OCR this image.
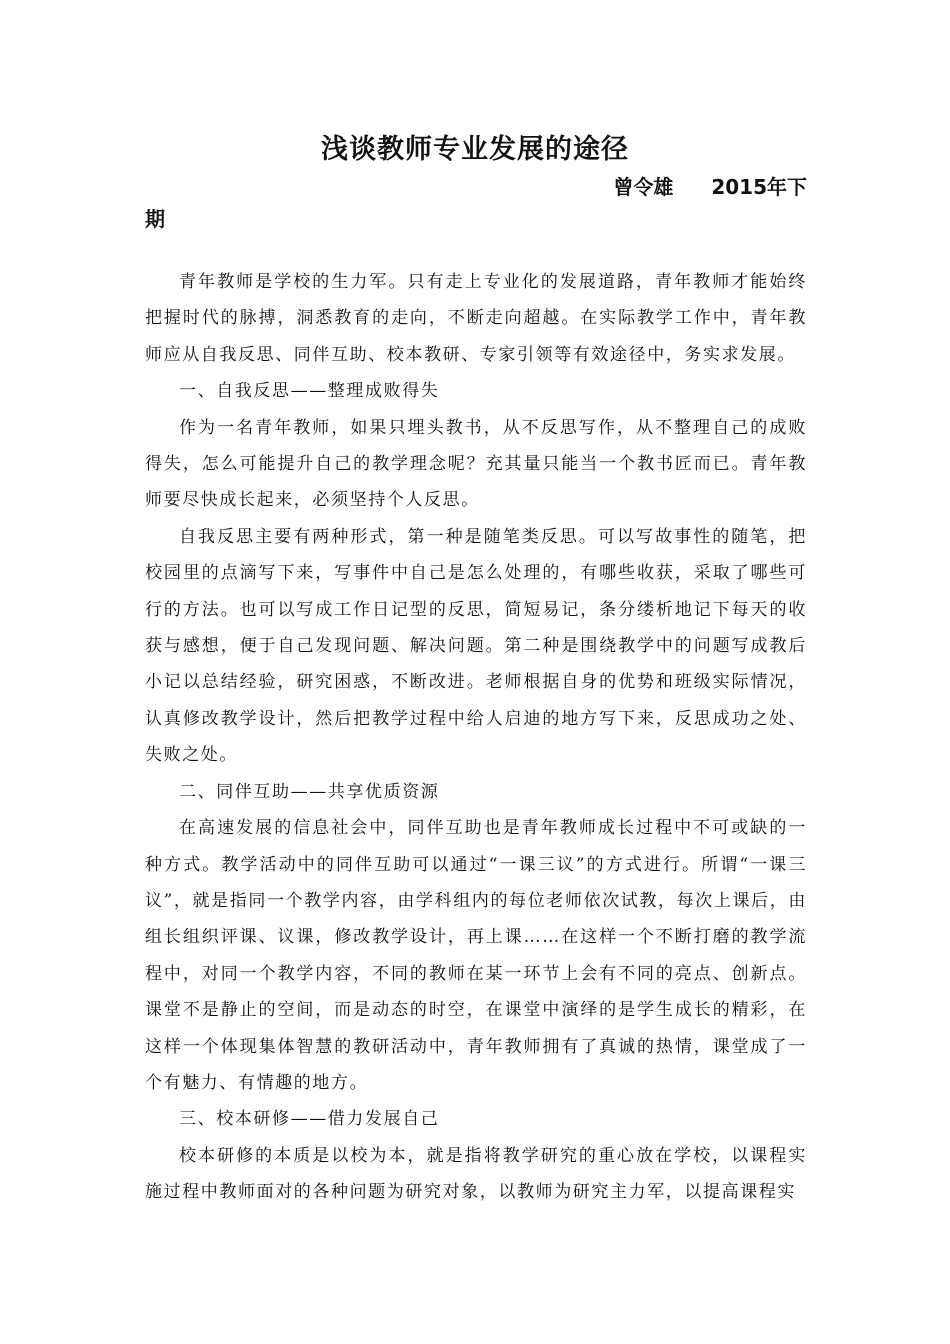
浅谈教师专业发展的途径
曾令雄 2015年下
期

青年教师是学校的生力军。只有走上专业化的发展道路，青年教师才能始终把握时代的脉搏，洞悉教育的走向，不断走向超越。在实际教学工作中，青年教师应从自我反思、同伴互助、校本教研、专家引领等有效途径中，务实求发展。

一、自我反思——整理成败得失

作为一名青年教师，如果只埋头教书，从不反思写作，从不整理自己的成败得失，怎么可能提升自己的教学理念呢？充其量只能当一个教书匠而已。青年教师要尽快成长起来，必须坚持个人反思。

自我反思主要有两种形式，第一种是随笔类反思。可以写故事性的随笔，把校园里的点滴写下来，写事件中自己是怎么处理的，有哪些收获，采取了哪些可行的方法。也可以写成工作日记型的反思，简短易记，条分缕析地记下每天的收获与感想，便于自己发现问题、解决问题。第二种是围绕教学中的问题写成教后小记以总结经验，研究困惑，不断改进。老师根据自身的优势和班级实际情况，认真修改教学设计，然后把教学过程中给人启迪的地方写下来，反思成功之处、失败之处。

二、同伴互助——共享优质资源

在高速发展的信息社会中，同伴互助也是青年教师成长过程中不可或缺的一种方式。教学活动中的同伴互助可以通过“一课三议”的方式进行。所谓“一课三议”，就是指同一个教学内容，由学科组内的每位老师依次试教，每次上课后，由组长组织评课、议课，修改教学设计，再上课……在这样一个不断打磨的教学流程中，对同一个教学内容，不同的教师在某一环节上会有不同的亮点、创新点。课堂不是静止的空间，而是动态的时空，在课堂中演绎的是学生成长的精彩，在这样一个体现集体智慧的教研活动中，青年教师拥有了真诚的热情，课堂成了一个有魅力、有情趣的地方。

三、校本研修——借力发展自己

校本研修的本质是以校为本，就是指将教学研究的重心放在学校，以课程实施过程中教师面对的各种问题为研究对象，以教师为研究主力军，以提高课程实
